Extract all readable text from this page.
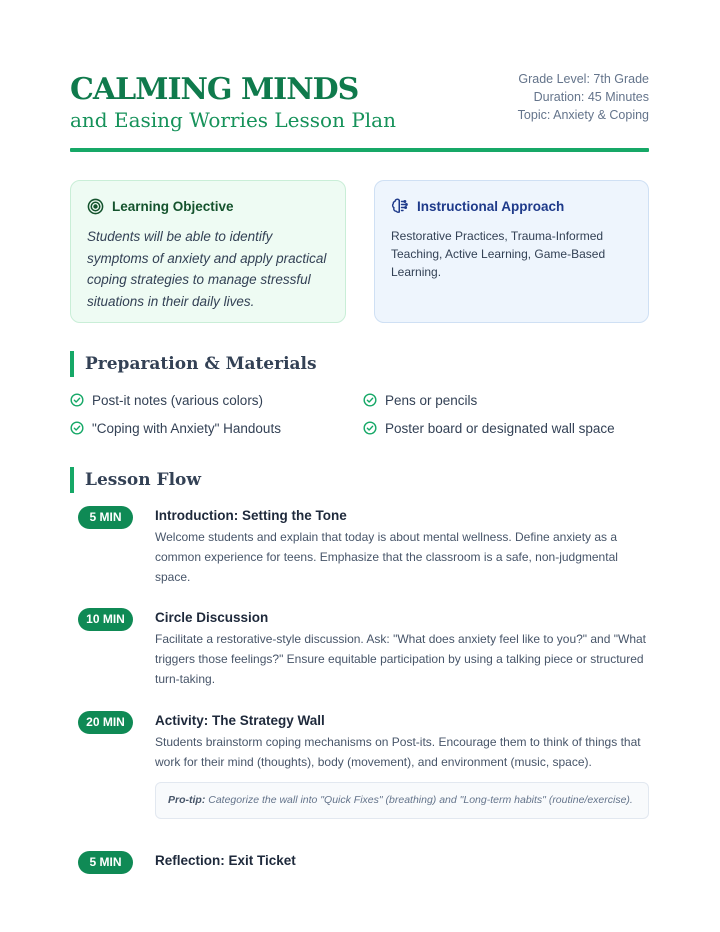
CALMING MINDS
and Easing Worries Lesson Plan
Grade Level: 7th Grade
Duration: 45 Minutes
Topic: Anxiety & Coping
Learning Objective
Students will be able to identify symptoms of anxiety and apply practical coping strategies to manage stressful situations in their daily lives.
Instructional Approach
Restorative Practices, Trauma-Informed Teaching, Active Learning, Game-Based Learning.
Preparation & Materials
Post-it notes (various colors)	Pens or pencils
"Coping with Anxiety" Handouts	Poster board or designated wall space
Lesson Flow
5 MIN	Introduction: Setting the Tone
Welcome students and explain that today is about mental wellness. Define anxiety as a common experience for teens. Emphasize that the classroom is a safe, non-judgmental space.
10 MIN	Circle Discussion
Facilitate a restorative-style discussion. Ask: "What does anxiety feel like to you?" and "What triggers those feelings?" Ensure equitable participation by using a talking piece or structured turn-taking.
20 MIN	Activity: The Strategy Wall
Students brainstorm coping mechanisms on Post-its. Encourage them to think of things that work for their mind (thoughts), body (movement), and environment (music, space).
Pro-tip: Categorize the wall into "Quick Fixes" (breathing) and "Long-term habits" (routine/exercise).
5 MIN	Reflection: Exit Ticket
